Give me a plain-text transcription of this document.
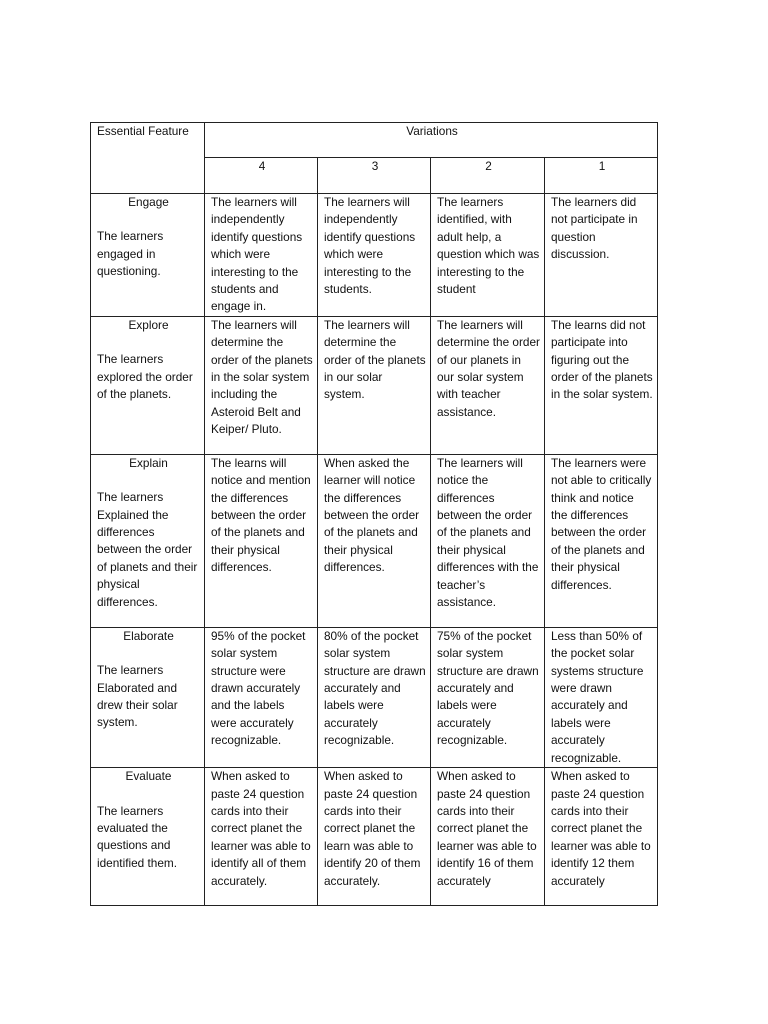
Essential Feature	Variations			
	4	3	2	1

Engage
The learners engaged in questioning.	The learners will independently identify questions which were interesting to the students and engage in.	The learners will independently identify questions which were interesting to the students.	The learners identified, with adult help, a question which was interesting to the student	The learners did not participate in question discussion.

Explore
The learners explored the order of the planets.	The learners will determine the order of the planets in the solar system including the Asteroid Belt and Keiper/ Pluto.	The learners will determine the order of the planets in our solar system.	The learners will determine the order of our planets in our solar system with teacher assistance.	The learns did not participate into figuring out the order of the planets in the solar system.

Explain
The learners Explained the differences between the order of planets and their physical differences.	The learns will notice and mention the differences between the order of the planets and their physical differences.	When asked the learner will notice the differences between the order of the planets and their physical differences.	The learners will notice the differences between the order of the planets and their physical differences with the teacher’s assistance.	The learners were not able to critically think and notice the differences between the order of the planets and their physical differences.

Elaborate
The learners Elaborated and drew their solar system.	95% of the pocket solar system structure were drawn accurately and the labels were accurately recognizable.	80% of the pocket solar system structure are drawn accurately and labels were accurately recognizable.	75% of the pocket solar system structure are drawn accurately and labels were accurately recognizable.	Less than 50% of the pocket solar systems structure were drawn accurately and labels were accurately recognizable.

Evaluate
The learners evaluated the questions and identified them.	When asked to paste 24 question cards into their correct planet the learner was able to identify all of them accurately.	When asked to paste 24 question cards into their correct planet the learn was able to identify 20 of them accurately.	When asked to paste 24 question cards into their correct planet the learner was able to identify 16 of them accurately	When asked to paste 24 question cards into their correct planet the learner was able to identify 12 them accurately
